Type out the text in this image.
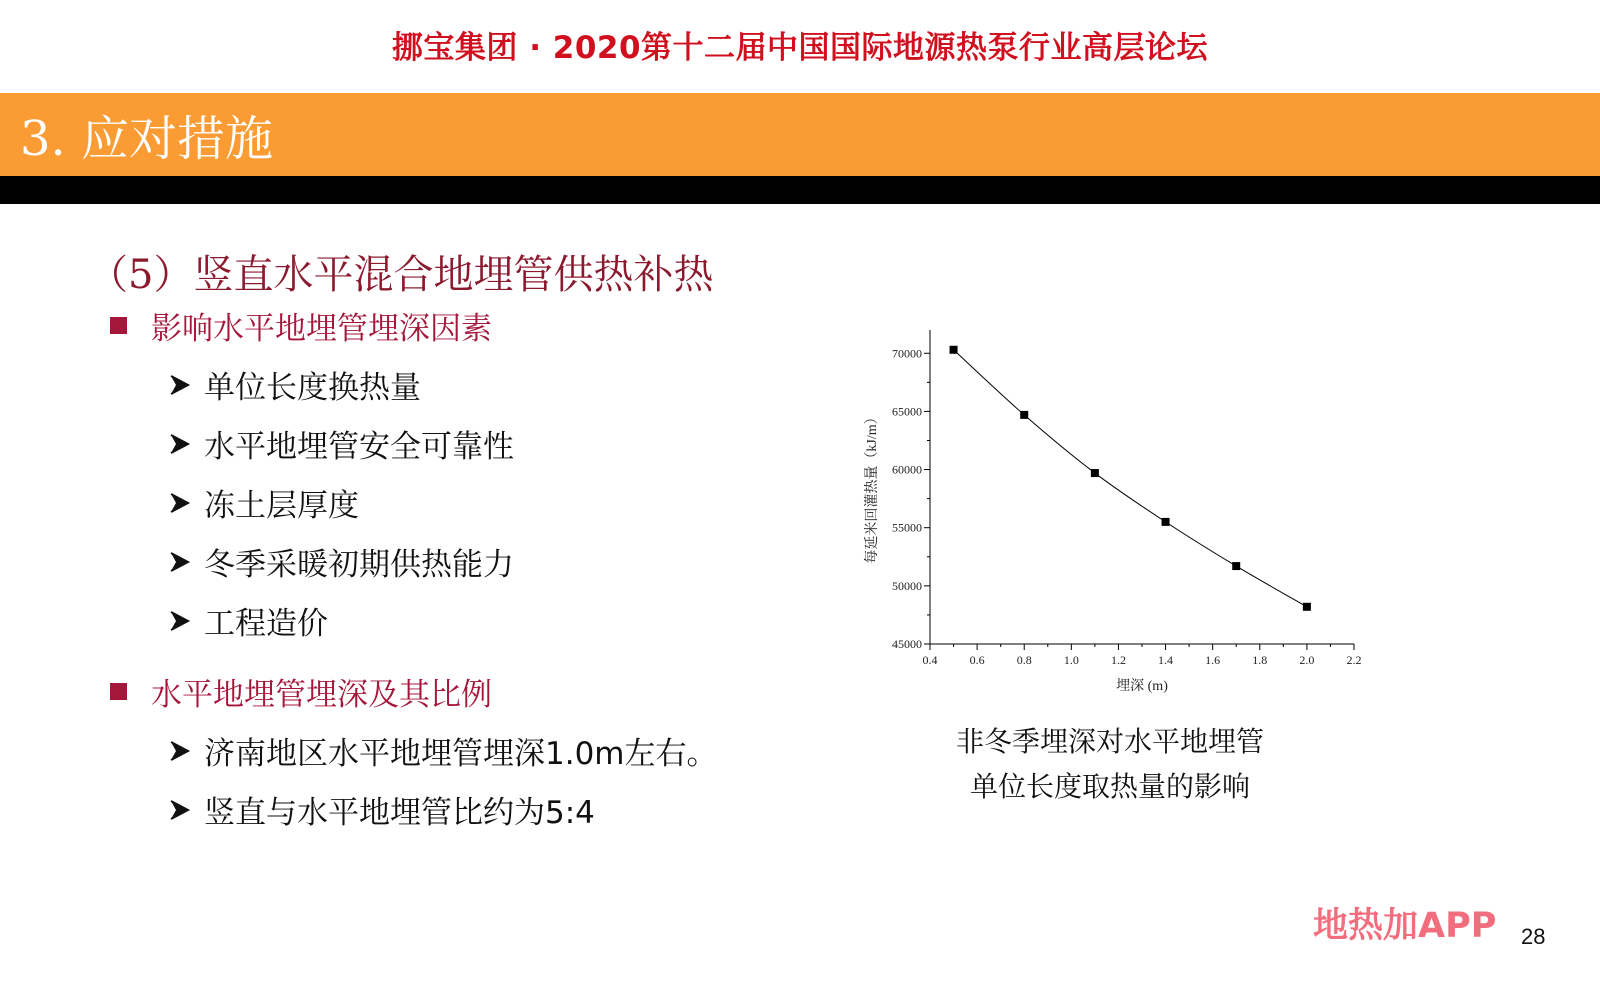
挪宝集团 · 2020第十二届中国国际地源热泵行业高层论坛
3. 应对措施
（5）竖直水平混合地埋管供热补热
影响水平地埋管埋深因素
单位长度换热量
水平地埋管安全可靠性
冻土层厚度
冬季采暖初期供热能力
工程造价
水平地埋管埋深及其比例
济南地区水平地埋管埋深1.0m左右。
竖直与水平地埋管比约为5:4
0.4	0.6	0.8	1.0	1.2	1.4	1.6	1.8	2.0	2.2
45000
50000
55000
60000
65000
70000
埋深 (m)
每延米回灌热量（kJ/m）
非冬季埋深对水平地埋管
单位长度取热量的影响
地热加APP 28
